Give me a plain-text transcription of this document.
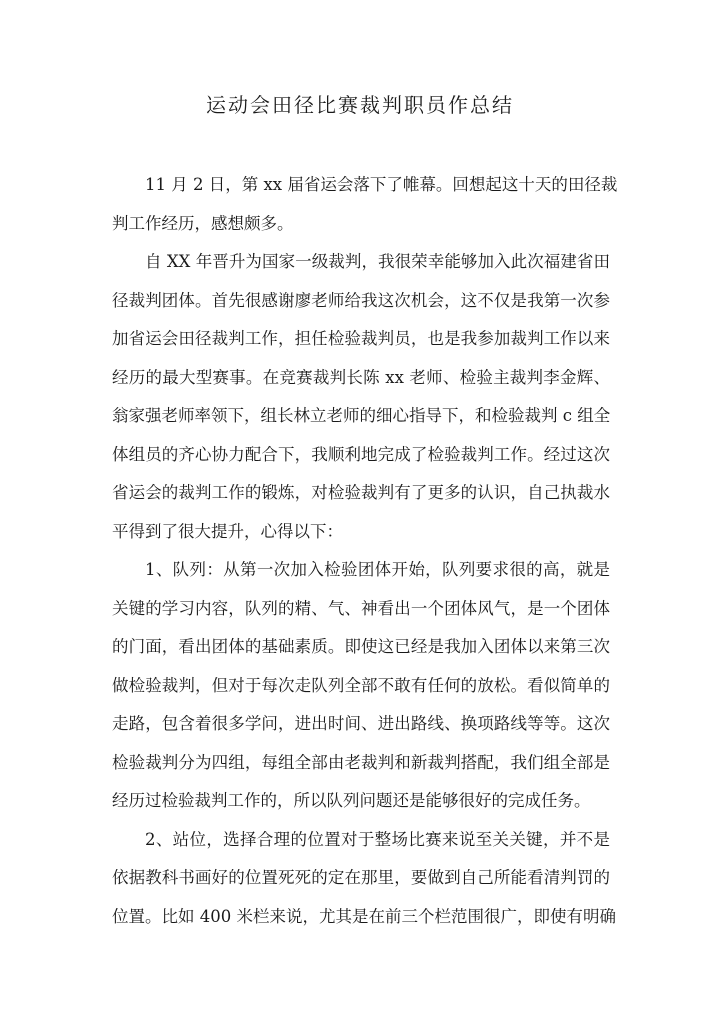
运动会田径比赛裁判职员作总结
11 月 2 日，第 xx 届省运会落下了帷幕。回想起这十天的田径裁
判工作经历，感想颇多。
自 XX 年晋升为国家一级裁判，我很荣幸能够加入此次福建省田
径裁判团体。首先很感谢廖老师给我这次机会，这不仅是我第一次参
加省运会田径裁判工作，担任检验裁判员，也是我参加裁判工作以来
经历的最大型赛事。在竞赛裁判长陈 xx 老师、检验主裁判李金辉、
翁家强老师率领下，组长林立老师的细心指导下，和检验裁判 c 组全
体组员的齐心协力配合下，我顺利地完成了检验裁判工作。经过这次
省运会的裁判工作的锻炼，对检验裁判有了更多的认识，自己执裁水
平得到了很大提升，心得以下：
1、队列：从第一次加入检验团体开始，队列要求很的高，就是
关键的学习内容，队列的精、气、神看出一个团体风气，是一个团体
的门面，看出团体的基础素质。即使这已经是我加入团体以来第三次
做检验裁判，但对于每次走队列全部不敢有任何的放松。看似简单的
走路，包含着很多学问，进出时间、进出路线、换项路线等等。这次
检验裁判分为四组，每组全部由老裁判和新裁判搭配，我们组全部是
经历过检验裁判工作的，所以队列问题还是能够很好的完成任务。
2、站位，选择合理的位置对于整场比赛来说至关关键，并不是
依据教科书画好的位置死死的定在那里，要做到自己所能看清判罚的
位置。比如 400 米栏来说，尤其是在前三个栏范围很广，即使有明确
